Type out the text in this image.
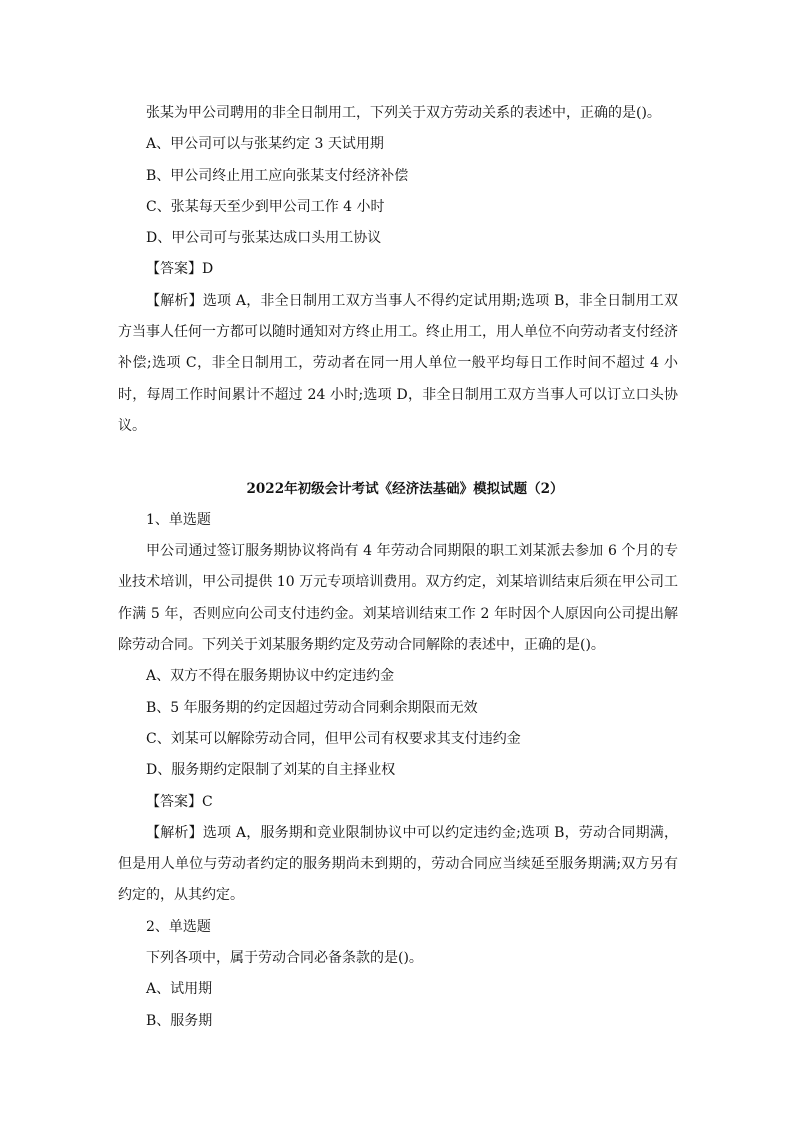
张某为甲公司聘用的非全日制用工，下列关于双方劳动关系的表述中，正确的是()。

A、甲公司可以与张某约定 3 天试用期

B、甲公司终止用工应向张某支付经济补偿

C、张某每天至少到甲公司工作 4 小时

D、甲公司可与张某达成口头用工协议

【答案】D

【解析】选项 A，非全日制用工双方当事人不得约定试用期;选项 B，非全日制用工双方当事人任何一方都可以随时通知对方终止用工。终止用工，用人单位不向劳动者支付经济补偿;选项 C，非全日制用工，劳动者在同一用人单位一般平均每日工作时间不超过 4 小时，每周工作时间累计不超过 24 小时;选项 D，非全日制用工双方当事人可以订立口头协议。

2022年初级会计考试《经济法基础》模拟试题（2）

1、单选题

甲公司通过签订服务期协议将尚有 4 年劳动合同期限的职工刘某派去参加 6 个月的专业技术培训，甲公司提供 10 万元专项培训费用。双方约定，刘某培训结束后须在甲公司工作满 5 年，否则应向公司支付违约金。刘某培训结束工作 2 年时因个人原因向公司提出解除劳动合同。下列关于刘某服务期约定及劳动合同解除的表述中，正确的是()。

A、双方不得在服务期协议中约定违约金

B、5 年服务期的约定因超过劳动合同剩余期限而无效

C、刘某可以解除劳动合同，但甲公司有权要求其支付违约金

D、服务期约定限制了刘某的自主择业权

【答案】C

【解析】选项 A，服务期和竞业限制协议中可以约定违约金;选项 B，劳动合同期满，但是用人单位与劳动者约定的服务期尚未到期的，劳动合同应当续延至服务期满;双方另有约定的，从其约定。

2、单选题

下列各项中，属于劳动合同必备条款的是()。

A、试用期

B、服务期
